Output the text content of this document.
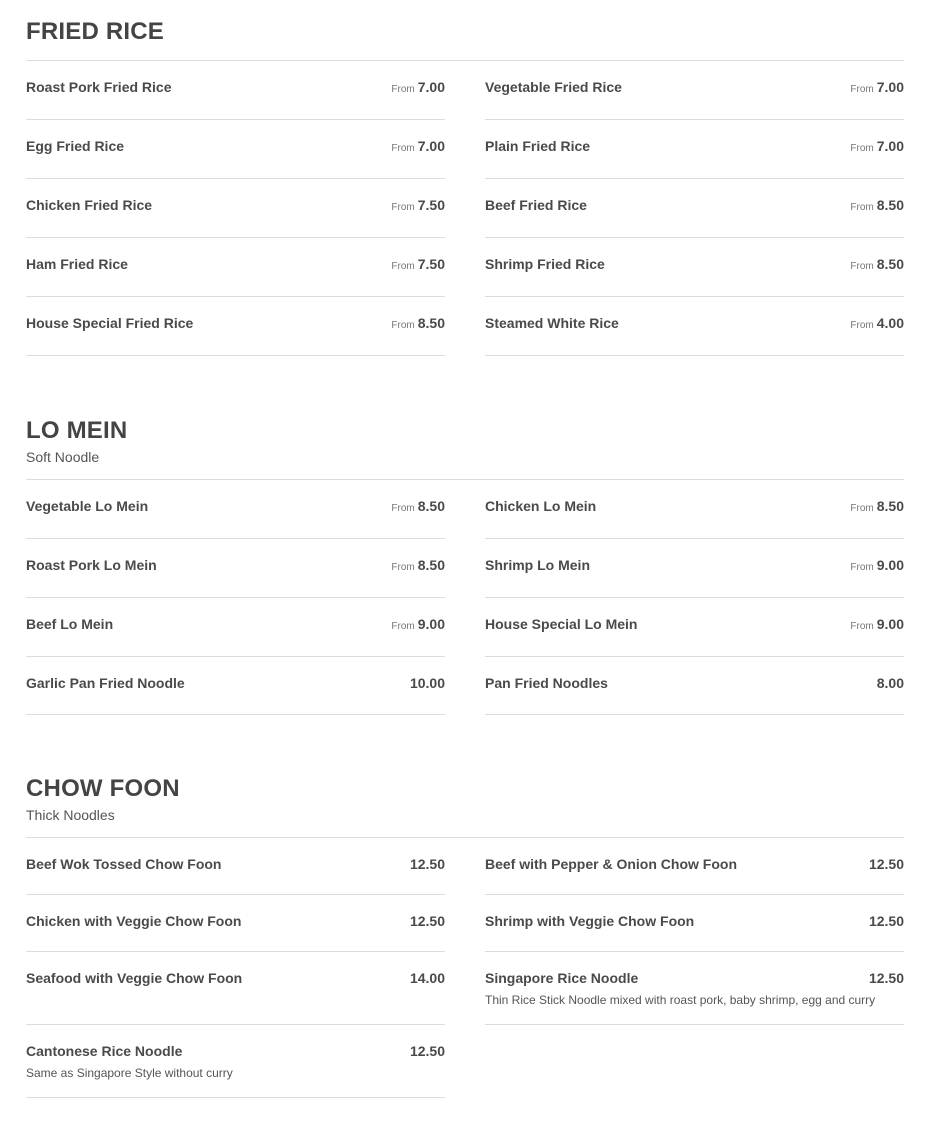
FRIED RICE
Roast Pork Fried Rice	From 7.00
Egg Fried Rice	From 7.00
Chicken Fried Rice	From 7.50
Ham Fried Rice	From 7.50
House Special Fried Rice	From 8.50
Vegetable Fried Rice	From 7.00
Plain Fried Rice	From 7.00
Beef Fried Rice	From 8.50
Shrimp Fried Rice	From 8.50
Steamed White Rice	From 4.00
LO MEIN
Soft Noodle
Vegetable Lo Mein	From 8.50
Roast Pork Lo Mein	From 8.50
Beef Lo Mein	From 9.00
Garlic Pan Fried Noodle	10.00
Chicken Lo Mein	From 8.50
Shrimp Lo Mein	From 9.00
House Special Lo Mein	From 9.00
Pan Fried Noodles	8.00
CHOW FOON
Thick Noodles
Beef Wok Tossed Chow Foon	12.50
Chicken with Veggie Chow Foon	12.50
Seafood with Veggie Chow Foon	14.00
Cantonese Rice Noodle	12.50
Same as Singapore Style without curry
Beef with Pepper & Onion Chow Foon	12.50
Shrimp with Veggie Chow Foon	12.50
Singapore Rice Noodle	12.50
Thin Rice Stick Noodle mixed with roast pork, baby shrimp, egg and curry
